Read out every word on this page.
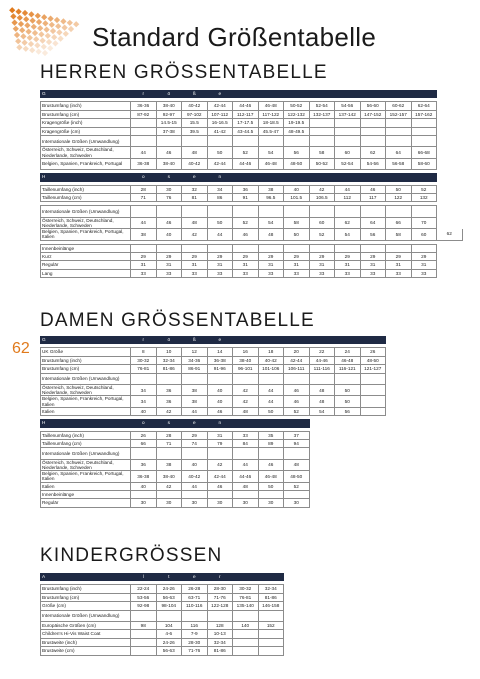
Standard Größentabelle
HERREN GRÖSSENTABELLE
DAMEN GRÖSSENTABELLE
KINDERGRÖSSEN
62
G	r	ö	ß	e									

Brustumfang (inch)	36-36	38-40	40-42	42-44	44-46	46-48	50-52	52-54	54-56	56-60	60-62	62-64	
Brustumfang (cm)	87-92	92-97	97-102	107-112	112-117	117-122	122-132	132-137	137-142	147-152	152-157	157-162	
Kragengröße (inch)		14.5-15	15.5	16-16.5	17-17.5	18-18.5	19-19.5						
Kragengröße (cm)		37-38	39.5	41-42	43-44.5	45.5-47	48-49.5						
Internationale Größen (Umwandlung)													
Österreich, Schweiz, Deutschland, Niederlande, Schweden	44	46	48	50	52	54	56	58	60	62	64	66-68	
Belgien, Spanien, Frankreich, Portugal	36-38	38-40	40-42	42-44	44-46	46-48	48-50	50-52	52-54	54-56	56-58	58-60	

H	o	s	e	n									

Taillenumfang (inch)	28	30	32	34	36	38	40	42	44	46	50	52	
Taillenumfang (cm)	71	76	81	86	91	96.5	101.5	106.5	112	117	122	132	

Internationale Größen (Umwandlung)													
Österreich, Schweiz, Deutschland, Niederlande, Schweden	44	46	48	50	52	54	58	60	62	64	66	70	
Belgien, Spanien, Frankreich, Portugal, Italien	38	40	42	44	46	48	50	52	54	56	58	60	62

Innenbeinlänge													
Kurz	29	29	29	29	29	29	29	29	29	29	29	29	
Regulär	31	31	31	31	31	31	31	31	31	31	31	31	
Lang	33	33	33	33	33	33	33	33	33	33	33	33	
G	r	ö	ß	e						

UK Größe	8	10	12	14	16	18	20	22	24	26
Brustumfang (inch)	30-32	32-34	34-36	36-38	38-40	40-42	42-44	44-46	46-48	48-50
Brustumfang (cm)	76-81	81-86	86-91	91-96	96-101	101-106	106-111	111-116	116-121	121-127
Internationale Größen (Umwandlung)										
Österreich, Schweiz, Deutschland, Niederlande, Schweden	34	36	38	40	42	44	46	48	50	
Belgien, Spanien, Frankreich, Portugal, Italien	34	36	38	40	42	44	46	48	50	
Italien	40	42	44	46	48	50	52	54	56	

H	o	s	e	n						

Taillenumfang (inch)	26	28	29	31	33	35	37			
Taillenumfang (cm)	66	71	74	79	84	89	94			
Internationale Größen (Umwandlung)										
Österreich, Schweiz, Deutschland, Niederlande, Schweden	36	38	40	42	44	46	48			
Belgien, Spanien, Frankreich, Portugal, Italien	36-38	38-40	40-42	42-44	44-46	46-48	48-50			
Italien	40	42	44	46	48	50	52			
Innenbeinlänge										
Regulär	30	30	30	30	30	30	30			
A	l	t	e	r		

Brustumfang (inch)	22-24	24-26	26-28	28-30	30-32	32-34
Brustumfang (cm)	53-56	56-63	63-71	71-76	76-81	81-86
Größe (cm)	92-98	98-104	110-116	122-128	135-140	146-158
Internationale Größen (Umwandlung)						
Europäische Größen (cm)	98	104	116	128	140	152
Children's Hi-Vis Waist Coat		4-6	7-9	10-13		
Brustweite (inch)		24-26	28-30	32-34		
Brustweite (cm)		56-63	71-76	81-86		
